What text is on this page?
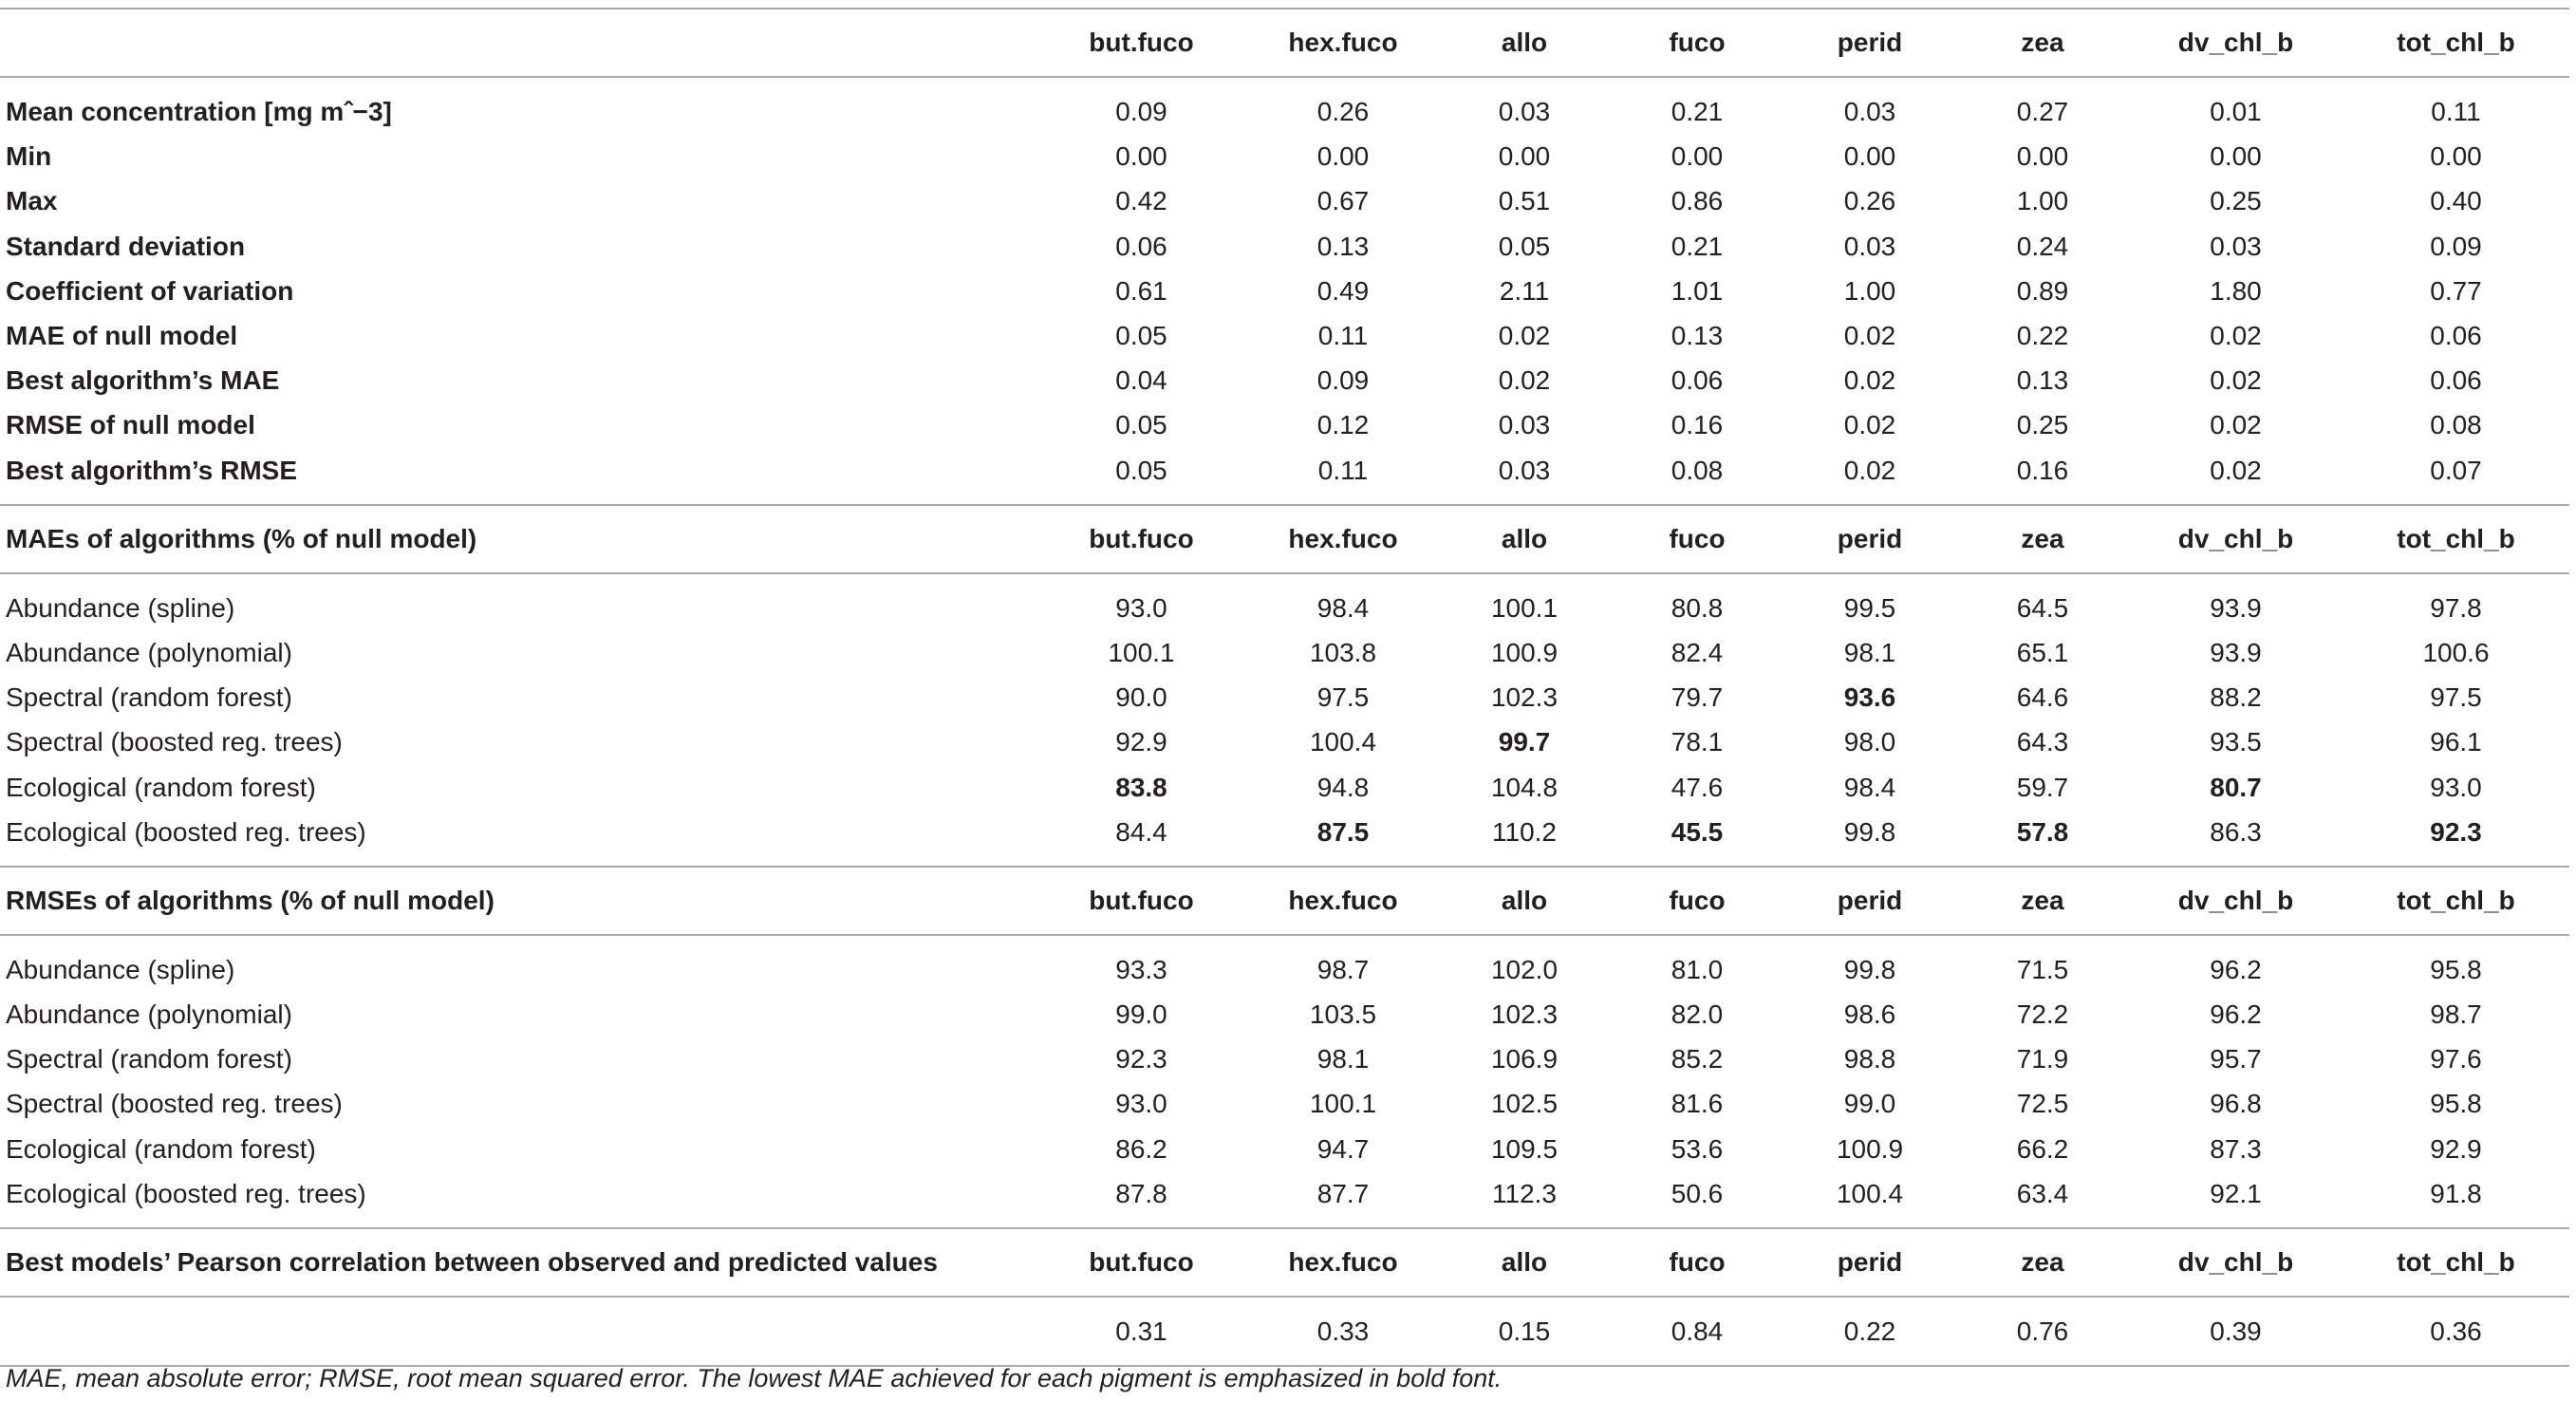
	but.fuco	hex.fuco	allo	fuco	perid	zea	dv_chl_b	tot_chl_b

Mean concentration [mg mˆ−3]	0.09	0.26	0.03	0.21	0.03	0.27	0.01	0.11
Min	0.00	0.00	0.00	0.00	0.00	0.00	0.00	0.00
Max	0.42	0.67	0.51	0.86	0.26	1.00	0.25	0.40
Standard deviation	0.06	0.13	0.05	0.21	0.03	0.24	0.03	0.09
Coefficient of variation	0.61	0.49	2.11	1.01	1.00	0.89	1.80	0.77
MAE of null model	0.05	0.11	0.02	0.13	0.02	0.22	0.02	0.06
Best algorithm’s MAE	0.04	0.09	0.02	0.06	0.02	0.13	0.02	0.06
RMSE of null model	0.05	0.12	0.03	0.16	0.02	0.25	0.02	0.08
Best algorithm’s RMSE	0.05	0.11	0.03	0.08	0.02	0.16	0.02	0.07

MAEs of algorithms (% of null model)	but.fuco	hex.fuco	allo	fuco	perid	zea	dv_chl_b	tot_chl_b

Abundance (spline)	93.0	98.4	100.1	80.8	99.5	64.5	93.9	97.8
Abundance (polynomial)	100.1	103.8	100.9	82.4	98.1	65.1	93.9	100.6
Spectral (random forest)	90.0	97.5	102.3	79.7	93.6	64.6	88.2	97.5
Spectral (boosted reg. trees)	92.9	100.4	99.7	78.1	98.0	64.3	93.5	96.1
Ecological (random forest)	83.8	94.8	104.8	47.6	98.4	59.7	80.7	93.0
Ecological (boosted reg. trees)	84.4	87.5	110.2	45.5	99.8	57.8	86.3	92.3

RMSEs of algorithms (% of null model)	but.fuco	hex.fuco	allo	fuco	perid	zea	dv_chl_b	tot_chl_b

Abundance (spline)	93.3	98.7	102.0	81.0	99.8	71.5	96.2	95.8
Abundance (polynomial)	99.0	103.5	102.3	82.0	98.6	72.2	96.2	98.7
Spectral (random forest)	92.3	98.1	106.9	85.2	98.8	71.9	95.7	97.6
Spectral (boosted reg. trees)	93.0	100.1	102.5	81.6	99.0	72.5	96.8	95.8
Ecological (random forest)	86.2	94.7	109.5	53.6	100.9	66.2	87.3	92.9
Ecological (boosted reg. trees)	87.8	87.7	112.3	50.6	100.4	63.4	92.1	91.8

Best models’ Pearson correlation between observed and predicted values	but.fuco	hex.fuco	allo	fuco	perid	zea	dv_chl_b	tot_chl_b

	0.31	0.33	0.15	0.84	0.22	0.76	0.39	0.36

MAE, mean absolute error; RMSE, root mean squared error. The lowest MAE achieved for each pigment is emphasized in bold font.
